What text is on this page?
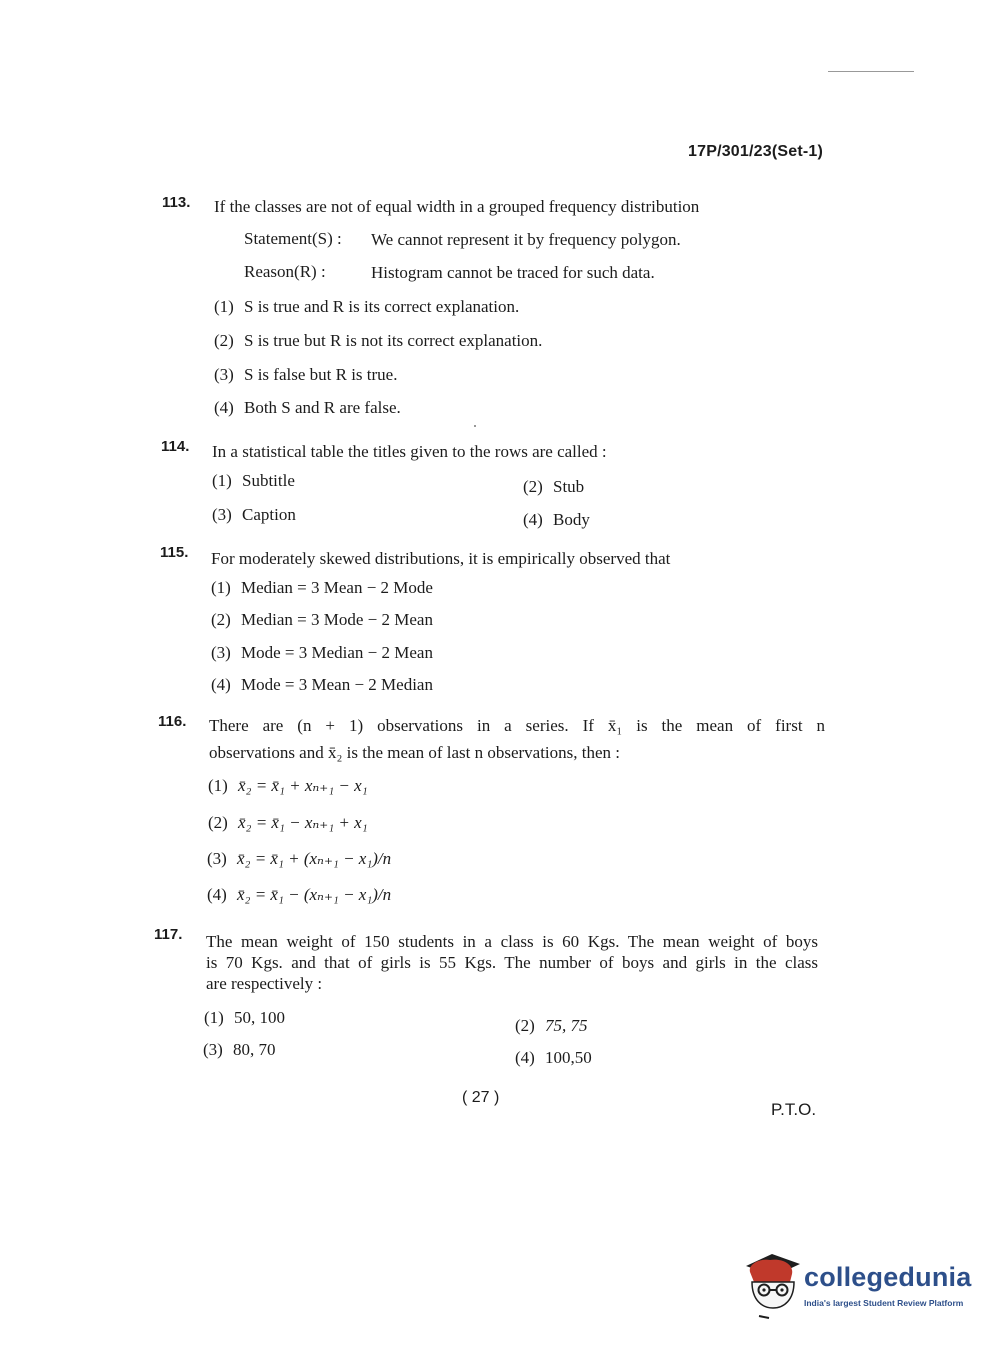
17P/301/23(Set-1)
113. If the classes are not of equal width in a grouped frequency distribution
Statement(S) : We cannot represent it by frequency polygon.
Reason(R) :	Histogram cannot be traced for such data.
(1) S is true and R is its correct explanation.
(2) S is true but R is not its correct explanation.
(3) S is false but R is true.
(4) Both S and R are false.
114. In a statistical table the titles given to the rows are called :
(1) Subtitle	(2) Stub
(3) Caption	(4) Body
115. For moderately skewed distributions, it is empirically observed that
(1) Median = 3 Mean − 2 Mode
(2) Median = 3 Mode − 2 Mean
(3) Mode = 3 Median − 2 Mean
(4) Mode = 3 Mean − 2 Median
116. There are (n + 1) observations in a series. If x̄₁ is the mean of first n
observations and x̄₂ is the mean of last n observations, then :
(1) x̄₂ = x̄₁ + xₙ₊₁ − x₁
(2) x̄₂ = x̄₁ − xₙ₊₁ + x₁
(3) x̄₂ = x̄₁ + (xₙ₊₁ − x₁)/n
(4) x̄₂ = x̄₁ − (xₙ₊₁ − x₁)/n
117. The mean weight of 150 students in a class is 60 Kgs. The mean weight of boys
is 70 Kgs. and that of girls is 55 Kgs. The number of boys and girls in the class
are respectively :
(1) 50, 100	(2) 75, 75
(3) 80, 70	(4) 100,50
( 27 )
P.T.O.
collegedunia
India's largest Student Review Platform
